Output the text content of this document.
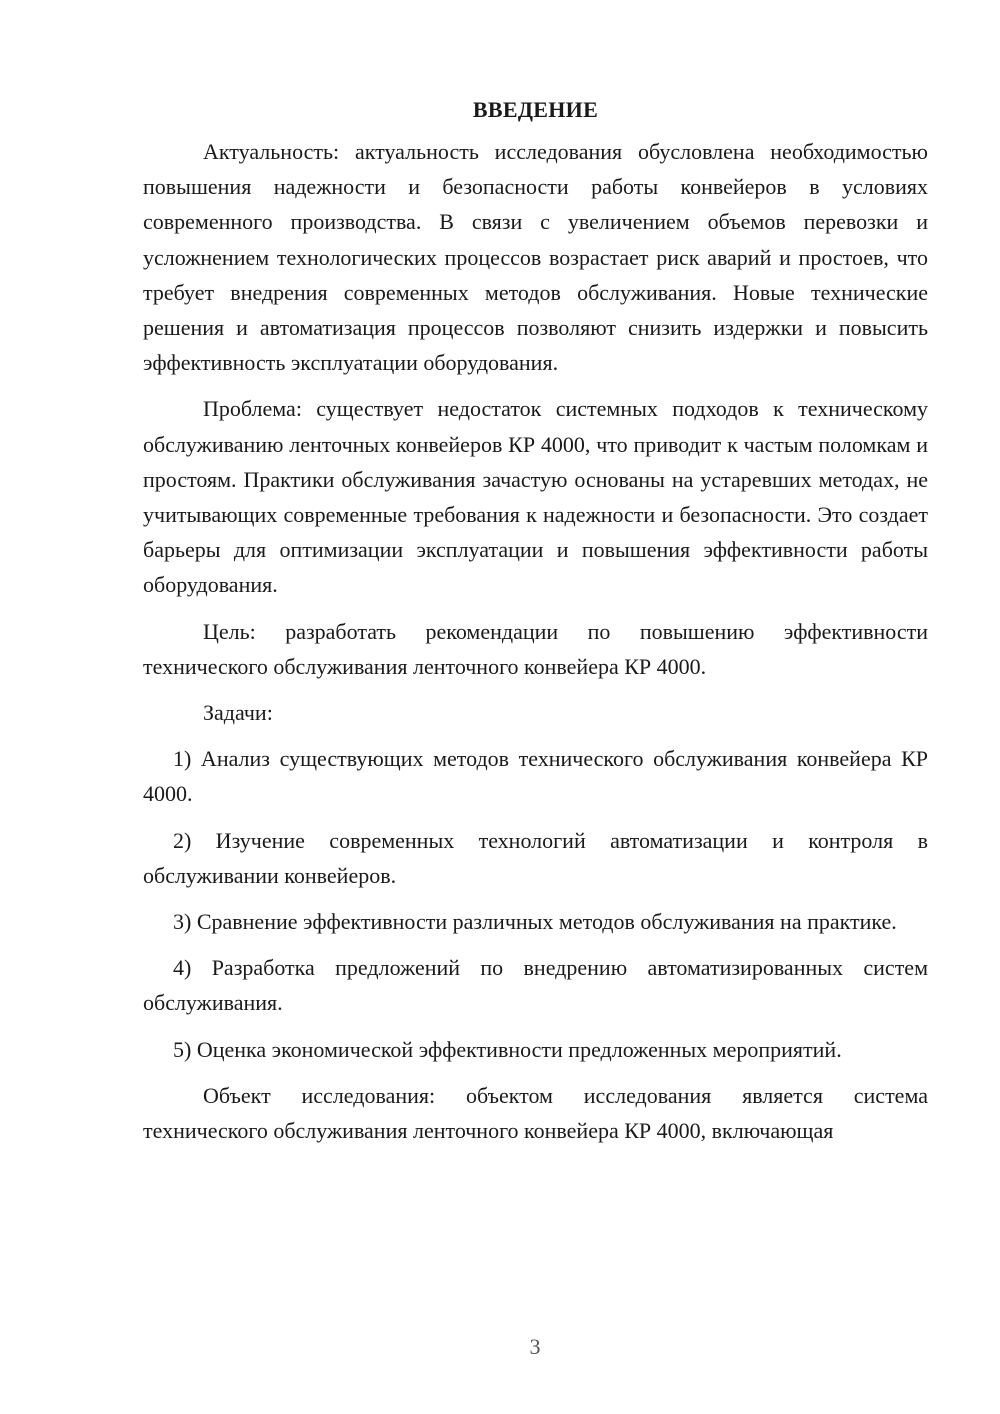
ВВЕДЕНИЕ

Актуальность: актуальность исследования обусловлена необходимостью повышения надежности и безопасности работы конвейеров в условиях современного производства. В связи с увеличением объемов перевозки и усложнением технологических процессов возрастает риск аварий и простоев, что требует внедрения современных методов обслуживания. Новые технические решения и автоматизация процессов позволяют снизить издержки и повысить эффективность эксплуатации оборудования.

Проблема: существует недостаток системных подходов к техническому обслуживанию ленточных конвейеров КР 4000, что приводит к частым поломкам и простоям. Практики обслуживания зачастую основаны на устаревших методах, не учитывающих современные требования к надежности и безопасности. Это создает барьеры для оптимизации эксплуатации и повышения эффективности работы оборудования.

Цель: разработать рекомендации по повышению эффективности технического обслуживания ленточного конвейера КР 4000.

Задачи:

1) Анализ существующих методов технического обслуживания конвейера КР 4000.

2) Изучение современных технологий автоматизации и контроля в обслуживании конвейеров.

3) Сравнение эффективности различных методов обслуживания на практике.

4) Разработка предложений по внедрению автоматизированных систем обслуживания.

5) Оценка экономической эффективности предложенных мероприятий.

Объект исследования: объектом исследования является система технического обслуживания ленточного конвейера КР 4000, включающая

3
